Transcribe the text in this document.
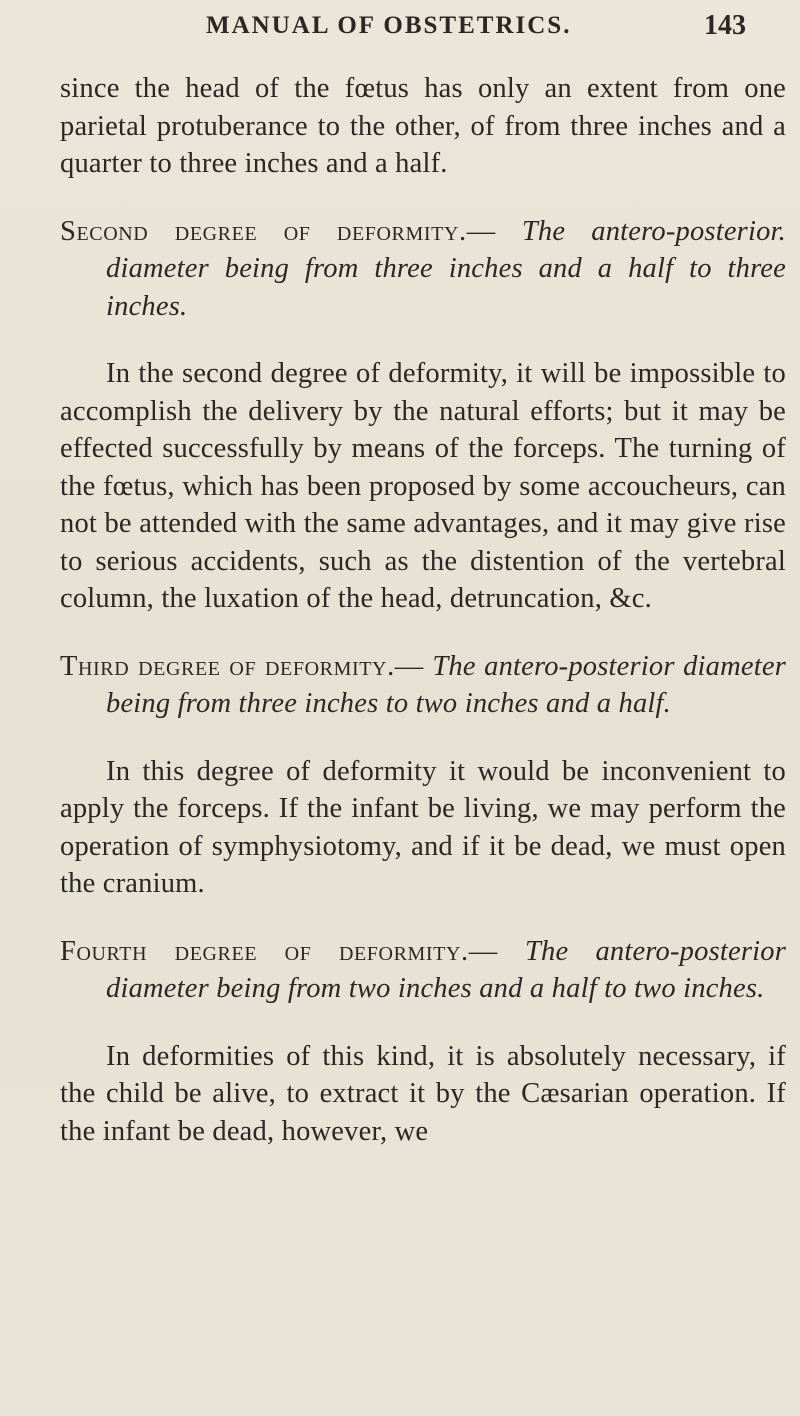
MANUAL OF OBSTETRICS.	143

since the head of the fœtus has only an extent from one parietal protuberance to the other, of from three inches and a quarter to three inches and a half.

Second degree of deformity.— The antero-posterior. diameter being from three inches and a half to three inches.

In the second degree of deformity, it will be impossible to accomplish the delivery by the natural efforts; but it may be effected successfully by means of the forceps. The turning of the fœtus, which has been proposed by some accoucheurs, can not be attended with the same advantages, and it may give rise to serious accidents, such as the distention of the vertebral column, the luxation of the head, detruncation, &c.

Third degree of deformity.— The antero-posterior diameter being from three inches to two inches and a half.

In this degree of deformity it would be inconvenient to apply the forceps. If the infant be living, we may perform the operation of symphysiotomy, and if it be dead, we must open the cranium.

Fourth degree of deformity.— The antero-posterior diameter being from two inches and a half to two inches.

In deformities of this kind, it is absolutely necessary, if the child be alive, to extract it by the Cæsarian operation. If the infant be dead, however, we
